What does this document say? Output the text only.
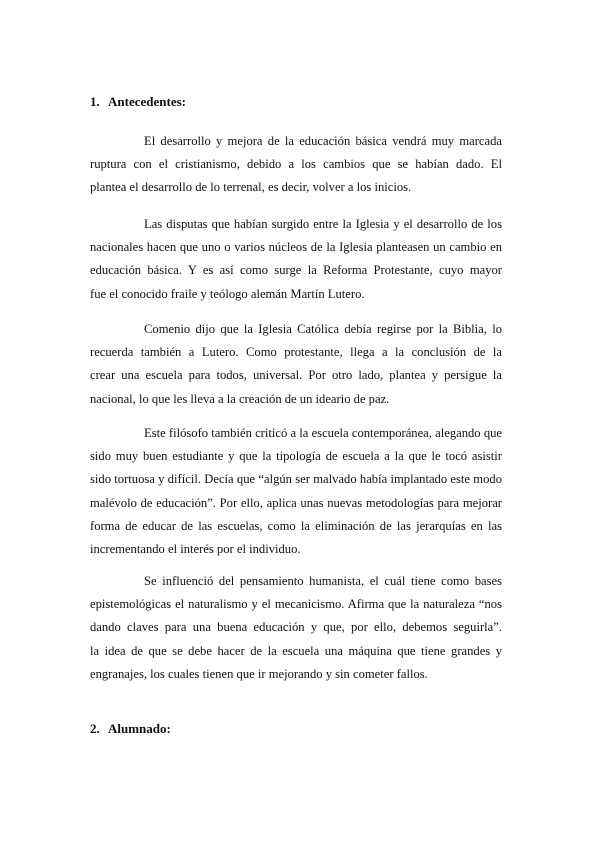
1. Antecedentes:
El desarrollo y mejora de la educación básica vendrá muy marcada
ruptura con el cristianismo, debido a los cambios que se habían dado. El
plantea el desarrollo de lo terrenal, es decir, volver a los inicios.
Las disputas que habían surgido entre la Iglesia y el desarrollo de los
nacionales hacen que uno o varios núcleos de la Iglesia planteasen un cambio en
educación básica. Y es así como surge la Reforma Protestante, cuyo mayor
fue el conocido fraile y teólogo alemán Martín Lutero.
Comenio dijo que la Iglesia Católica debía regirse por la Biblia, lo
recuerda también a Lutero. Como protestante, llega a la conclusión de la
crear una escuela para todos, universal. Por otro lado, plantea y persigue la
nacional, lo que les lleva a la creación de un ideario de paz.
Este filósofo también criticó a la escuela contemporánea, alegando que
sido muy buen estudiante y que la tipología de escuela a la que le tocó asistir
sido tortuosa y difícil. Decía que “algún ser malvado había implantado este modo
malévolo de educación”. Por ello, aplica unas nuevas metodologías para mejorar
forma de educar de las escuelas, como la eliminación de las jerarquías en las
incrementando el interés por el individuo.
Se influenció del pensamiento humanista, el cuál tiene como bases
epistemológicas el naturalismo y el mecanicismo. Afirma que la naturaleza “nos
dando claves para una buena educación y que, por ello, debemos seguirla”.
la idea de que se debe hacer de la escuela una máquina que tiene grandes y
engranajes, los cuales tienen que ir mejorando y sin cometer fallos.
2. Alumnado:
